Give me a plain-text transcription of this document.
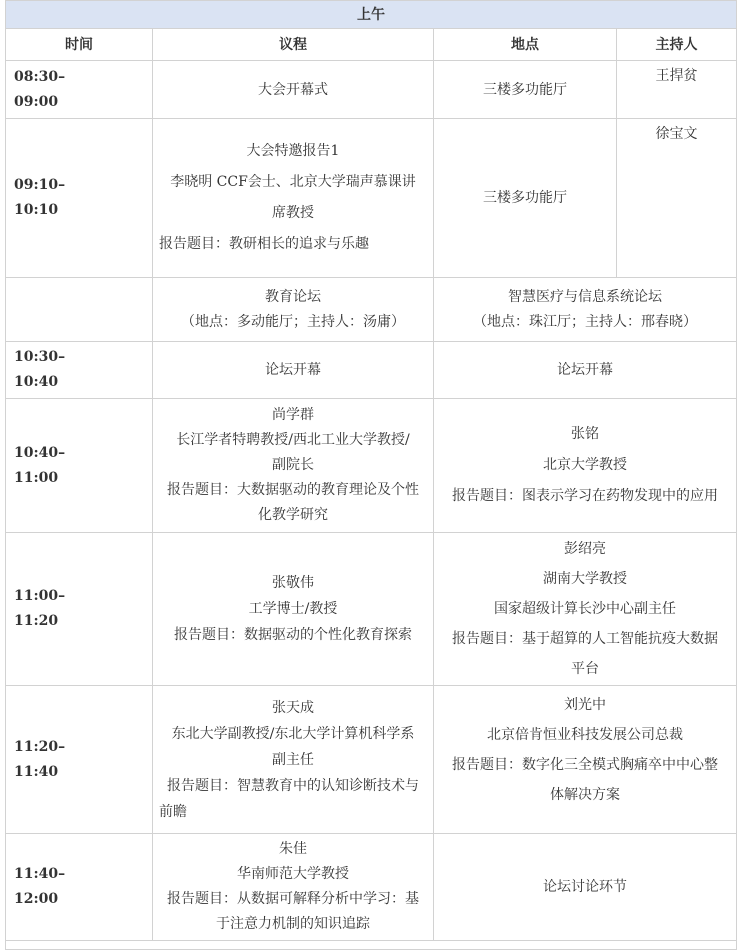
上午			
时间	议程	地点	主持人

08:30–
09:00	大会开幕式	三楼多功能厅	王捍贫

09:10–
10:10	大会特邀报告1
李晓明 CCF会士、北京大学瑞声慕课讲
席教授
报告题目：教研相长的追求与乐趣	三楼多功能厅	徐宝文

	教育论坛
（地点：多动能厅；主持人：汤庸）	智慧医疗与信息系统论坛
（地点：珠江厅；主持人：邢春晓）	

10:30–
10:40	论坛开幕	论坛开幕	

10:40–
11:00	尚学群
长江学者特聘教授/西北工业大学教授/
副院长
报告题目：大数据驱动的教育理论及个性
化教学研究	张铭
北京大学教授
报告题目：图表示学习在药物发现中的应用	

11:00–
11:20	张敬伟
工学博士/教授
报告题目：数据驱动的个性化教育探索	彭绍亮
湖南大学教授
国家超级计算长沙中心副主任
报告题目：基于超算的人工智能抗疫大数据
平台	

11:20–
11:40	张天成
东北大学副教授/东北大学计算机科学系
副主任
报告题目：智慧教育中的认知诊断技术与
前瞻	刘光中
北京倍肯恒业科技发展公司总裁
报告题目：数字化三全模式胸痛卒中中心整
体解决方案	

11:40–
12:00	朱佳
华南师范大学教授
报告题目：从数据可解释分析中学习：基
于注意力机制的知识追踪	论坛讨论环节	
